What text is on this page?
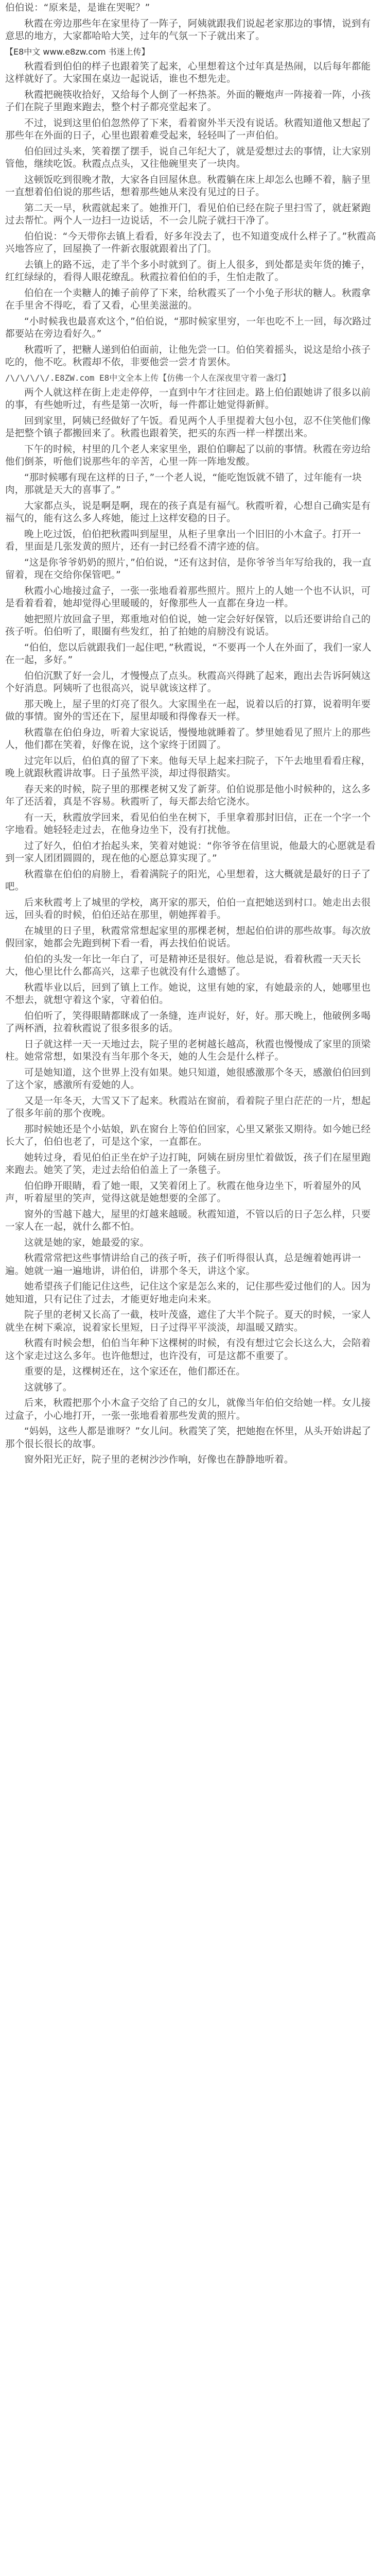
伯伯说：“原来是，是谁在哭呢？”

秋霞在旁边那些年在家里待了一阵子，阿姨就跟我们说起老家那边的事情，说到有意思的地方，大家都哈哈大笑，过年的气氛一下子就出来了。

【E8中文 www.e8zw.com 书迷上传】

秋霞看到伯伯的样子也跟着笑了起来，心里想着这个过年真是热闹，以后每年都能这样就好了。大家围在桌边一起说话，谁也不想先走。

秋霞把碗筷收拾好，又给每个人倒了一杯热茶。外面的鞭炮声一阵接着一阵，小孩子们在院子里跑来跑去，整个村子都亮堂起来了。

不过，说到这里伯伯忽然停了下来，看着窗外半天没有说话。秋霞知道他又想起了那些年在外面的日子，心里也跟着难受起来，轻轻叫了一声伯伯。

伯伯回过头来，笑着摆了摆手，说自己年纪大了，就是爱想过去的事情，让大家别管他，继续吃饭。秋霞点点头，又往他碗里夹了一块肉。

这顿饭吃到很晚才散，大家各自回屋休息。秋霞躺在床上却怎么也睡不着，脑子里一直想着伯伯说的那些话，想着那些她从来没有见过的日子。

第二天一早，秋霞就起来了。她推开门，看见伯伯已经在院子里扫雪了，就赶紧跑过去帮忙。两个人一边扫一边说话，不一会儿院子就扫干净了。

伯伯说：“今天带你去镇上看看，好多年没去了，也不知道变成什么样子了。”秋霞高兴地答应了，回屋换了一件新衣服就跟着出了门。

去镇上的路不远，走了半个多小时就到了。街上人很多，到处都是卖年货的摊子，红红绿绿的，看得人眼花缭乱。秋霞拉着伯伯的手，生怕走散了。

伯伯在一个卖糖人的摊子前停了下来，给秋霞买了一个小兔子形状的糖人。秋霞拿在手里舍不得吃，看了又看，心里美滋滋的。

“小时候我也最喜欢这个，”伯伯说，“那时候家里穷，一年也吃不上一回，每次路过都要站在旁边看好久。”

秋霞听了，把糖人递到伯伯面前，让他先尝一口。伯伯笑着摇头，说这是给小孩子吃的，他不吃。秋霞却不依，非要他尝一尝才肯罢休。

/\/\/\/\/.E8ZW.com E8中文全本上传【仿佛一个人在深夜里守着一盏灯】

两个人就这样在街上走走停停，一直到中午才往回走。路上伯伯跟她讲了很多以前的事，有些她听过，有些是第一次听，每一件都让她觉得新鲜。

回到家里，阿姨已经做好了午饭。看见两个人手里提着大包小包，忍不住笑他们像是把整个镇子都搬回来了。秋霞也跟着笑，把买的东西一样一样摆出来。

下午的时候，村里的几个老人来家里坐，跟伯伯聊起了以前的事情。秋霞在旁边给他们倒茶，听他们说那些年的辛苦，心里一阵一阵地发酸。

“那时候哪有现在这样的日子，”一个老人说，“能吃饱饭就不错了，过年能有一块肉，那就是天大的喜事了。”

大家都点头，说是啊是啊，现在的孩子真是有福气。秋霞听着，心想自己确实是有福气的，能有这么多人疼她，能过上这样安稳的日子。

晚上吃过饭，伯伯把秋霞叫到屋里，从柜子里拿出一个旧旧的小木盒子。打开一看，里面是几张发黄的照片，还有一封已经看不清字迹的信。

“这是你爷爷奶奶的照片，”伯伯说，“还有这封信，是你爷爷当年写给我的，我一直留着，现在交给你保管吧。”

秋霞小心地接过盒子，一张一张地看着那些照片。照片上的人她一个也不认识，可是看着看着，她却觉得心里暖暖的，好像那些人一直都在身边一样。

她把照片放回盒子里，郑重地对伯伯说，她一定会好好保管，以后还要讲给自己的孩子听。伯伯听了，眼圈有些发红，拍了拍她的肩膀没有说话。

“伯伯，您以后就跟我们一起住吧，”秋霞说，“不要再一个人在外面了，我们一家人在一起，多好。”

伯伯沉默了好一会儿，才慢慢点了点头。秋霞高兴得跳了起来，跑出去告诉阿姨这个好消息。阿姨听了也很高兴，说早就该这样了。

那天晚上，屋子里的灯亮了很久。大家围坐在一起，说着以后的打算，说着明年要做的事情。窗外的雪还在下，屋里却暖和得像春天一样。

秋霞靠在伯伯身边，听着大家说话，慢慢地就睡着了。梦里她看见了照片上的那些人，他们都在笑着，好像在说，这个家终于团圆了。

过完年以后，伯伯真的留了下来。他每天早上起来扫院子，下午去地里看看庄稼，晚上就跟秋霞讲故事。日子虽然平淡，却过得很踏实。

春天来的时候，院子里的那棵老树又发了新芽。伯伯说那是他小时候种的，这么多年了还活着，真是不容易。秋霞听了，每天都去给它浇水。

有一天，秋霞放学回来，看见伯伯坐在树下，手里拿着那封旧信，正在一个字一个字地看。她轻轻走过去，在他身边坐下，没有打扰他。

过了好久，伯伯才抬起头来，笑着对她说：“你爷爷在信里说，他最大的心愿就是看到一家人团团圆圆的，现在他的心愿总算实现了。”

秋霞靠在伯伯的肩膀上，看着满院子的阳光，心里想着，这大概就是最好的日子了吧。

后来秋霞考上了城里的学校，离开家的那天，伯伯一直把她送到村口。她走出去很远，回头看的时候，伯伯还站在那里，朝她挥着手。

在城里的日子里，秋霞常常想起家里的那棵老树，想起伯伯讲的那些故事。每次放假回家，她都会先跑到树下看一看，再去找伯伯说话。

伯伯的头发一年比一年白了，可是精神还是很好。他总是说，看着秋霞一天天长大，他心里比什么都高兴，这辈子也就没有什么遗憾了。

秋霞毕业以后，回到了镇上工作。她说，这里有她的家，有她最亲的人，她哪里也不想去，就想守着这个家，守着伯伯。

伯伯听了，笑得眼睛都眯成了一条缝，连声说好，好，好。那天晚上，他破例多喝了两杯酒，拉着秋霞说了很多很多的话。

日子就这样一天一天地过去，院子里的老树越长越高，秋霞也慢慢成了家里的顶梁柱。她常常想，如果没有当年那个冬天，她的人生会是什么样子。

可是她知道，这个世界上没有如果。她只知道，她很感激那个冬天，感激伯伯回到了这个家，感激所有爱她的人。

又是一年冬天，大雪又下了起来。秋霞站在窗前，看着院子里白茫茫的一片，想起了很多年前的那个夜晚。

那时候她还是个小姑娘，趴在窗台上等伯伯回家，心里又紧张又期待。如今她已经长大了，伯伯也老了，可是这个家，一直都在。

她转过身，看见伯伯正坐在炉子边打盹，阿姨在厨房里忙着做饭，孩子们在屋里跑来跑去。她笑了笑，走过去给伯伯盖上了一条毯子。

伯伯睁开眼睛，看了她一眼，又笑着闭上了。秋霞在他身边坐下，听着屋外的风声，听着屋里的笑声，觉得这就是她想要的全部了。

窗外的雪越下越大，屋里的灯越来越暖。秋霞知道，不管以后的日子怎么样，只要一家人在一起，就什么都不怕。

这就是她的家，她最爱的家。

秋霞常常把这些事情讲给自己的孩子听，孩子们听得很认真，总是缠着她再讲一遍。她就一遍一遍地讲，讲伯伯，讲那个冬天，讲这个家。

她希望孩子们能记住这些，记住这个家是怎么来的，记住那些爱过他们的人。因为她知道，只有记住了过去，才能更好地走向未来。

院子里的老树又长高了一截，枝叶茂盛，遮住了大半个院子。夏天的时候，一家人就坐在树下乘凉，说着家长里短，日子过得平平淡淡，却温暖又踏实。

秋霞有时候会想，伯伯当年种下这棵树的时候，有没有想过它会长这么大，会陪着这个家走过这么多年。也许他想过，也许没有，可是这都不重要了。

重要的是，这棵树还在，这个家还在，他们都还在。

这就够了。

后来，秋霞把那个小木盒子交给了自己的女儿，就像当年伯伯交给她一样。女儿接过盒子，小心地打开，一张一张地看着那些发黄的照片。

“妈妈，这些人都是谁呀？”女儿问。秋霞笑了笑，把她抱在怀里，从头开始讲起了那个很长很长的故事。

窗外阳光正好，院子里的老树沙沙作响，好像也在静静地听着。
